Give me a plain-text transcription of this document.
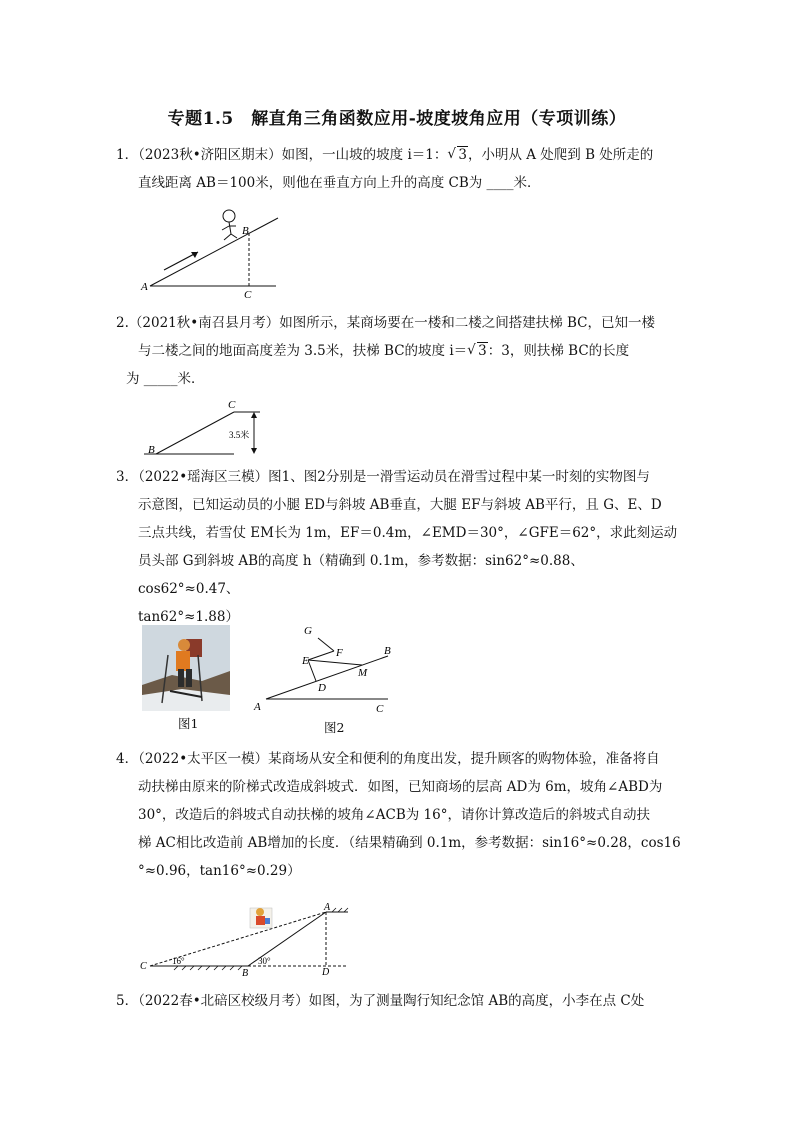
专题1.5　解直角三角函数应用-坡度坡角应用（专项训练）
1．（2023秋•济阳区期末）如图，一山坡的坡度 i＝1： √ 3，小明从 A 处爬到 B 处所走的
直线距离 AB＝100米，则他在垂直方向上升的高度 CB为 ____米．
A
B
C
2.（2021秋•南召县月考）如图所示，某商场要在一楼和二楼之间搭建扶梯 BC，已知一楼
与二楼之间的地面高度差为 3.5米，扶梯 BC的坡度 i＝ √ 3：3，则扶梯 BC的长度
为 _____米．
C
B
3.5米
3．（2022•瑶海区三模）图1、图2分别是一滑雪运动员在滑雪过程中某一时刻的实物图与
示意图，已知运动员的小腿 ED与斜坡 AB垂直，大腿 EF与斜坡 AB平行，且 G、E、D
三点共线，若雪仗 EM长为 1m，EF＝0.4m，∠EMD＝30°，∠GFE＝62°，求此刻运动
员头部 G到斜坡 AB的高度 h（精确到 0.1m，参考数据：sin62°≈0.88、cos62°≈0.47、
tan62°≈1.88）
图1
G
F
E
B
M
D
A	C
图2
4．（2022•太平区一模）某商场从安全和便利的角度出发，提升顾客的购物体验，准备将自
动扶梯由原来的阶梯式改造成斜坡式．如图，已知商场的层高 AD为 6m，坡角∠ABD为
30°，改造后的斜坡式自动扶梯的坡角∠ACB为 16°，请你计算改造后的斜坡式自动扶
梯 AC相比改造前 AB增加的长度．（结果精确到 0.1m，参考数据：sin16°≈0.28，cos16
°≈0.96，tan16°≈0.29）
A
C
B	D
16°	30°
5．（2022春•北碚区校级月考）如图，为了测量陶行知纪念馆 AB的高度，小李在点 C处
